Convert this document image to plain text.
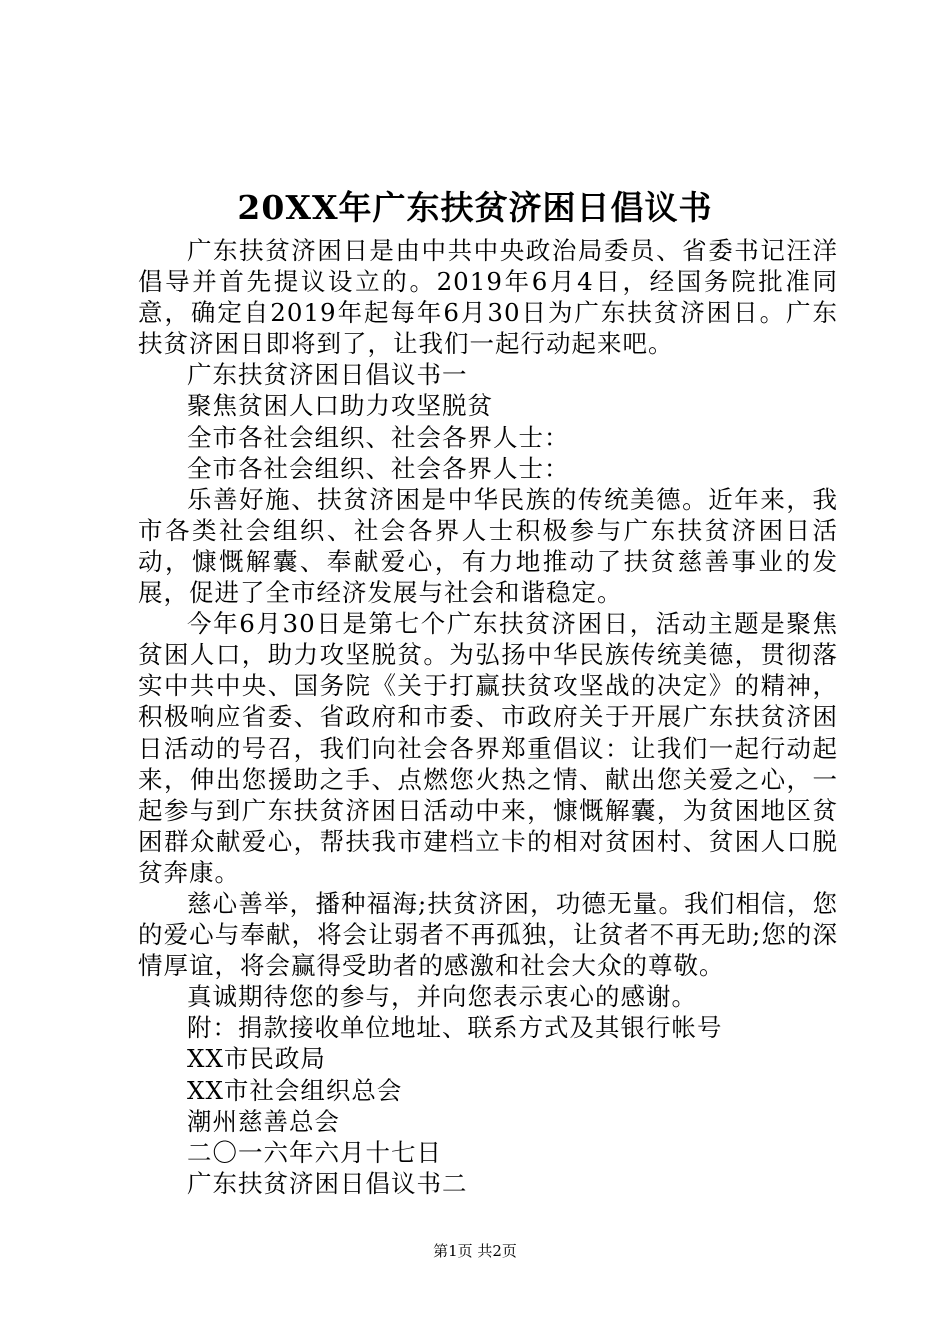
20XX年广东扶贫济困日倡议书

广东扶贫济困日是由中共中央政治局委员、省委书记汪洋倡导并首先提议设立的。2019年6月4日，经国务院批准同意，确定自2019年起每年6月30日为广东扶贫济困日。广东扶贫济困日即将到了，让我们一起行动起来吧。

广东扶贫济困日倡议书一

聚焦贫困人口助力攻坚脱贫

全市各社会组织、社会各界人士：

全市各社会组织、社会各界人士：

乐善好施、扶贫济困是中华民族的传统美德。近年来，我市各类社会组织、社会各界人士积极参与广东扶贫济困日活动，慷慨解囊、奉献爱心，有力地推动了扶贫慈善事业的发展，促进了全市经济发展与社会和谐稳定。

今年6月30日是第七个广东扶贫济困日，活动主题是聚焦贫困人口，助力攻坚脱贫。为弘扬中华民族传统美德，贯彻落实中共中央、国务院《关于打赢扶贫攻坚战的决定》的精神，积极响应省委、省政府和市委、市政府关于开展广东扶贫济困日活动的号召，我们向社会各界郑重倡议：让我们一起行动起来，伸出您援助之手、点燃您火热之情、献出您关爱之心，一起参与到广东扶贫济困日活动中来，慷慨解囊，为贫困地区贫困群众献爱心，帮扶我市建档立卡的相对贫困村、贫困人口脱贫奔康。

慈心善举，播种福海;扶贫济困，功德无量。我们相信，您的爱心与奉献，将会让弱者不再孤独，让贫者不再无助;您的深情厚谊，将会赢得受助者的感激和社会大众的尊敬。

真诚期待您的参与，并向您表示衷心的感谢。

附：捐款接收单位地址、联系方式及其银行帐号

XX市民政局

XX市社会组织总会

潮州慈善总会

二〇一六年六月十七日

广东扶贫济困日倡议书二

第1页 共2页
